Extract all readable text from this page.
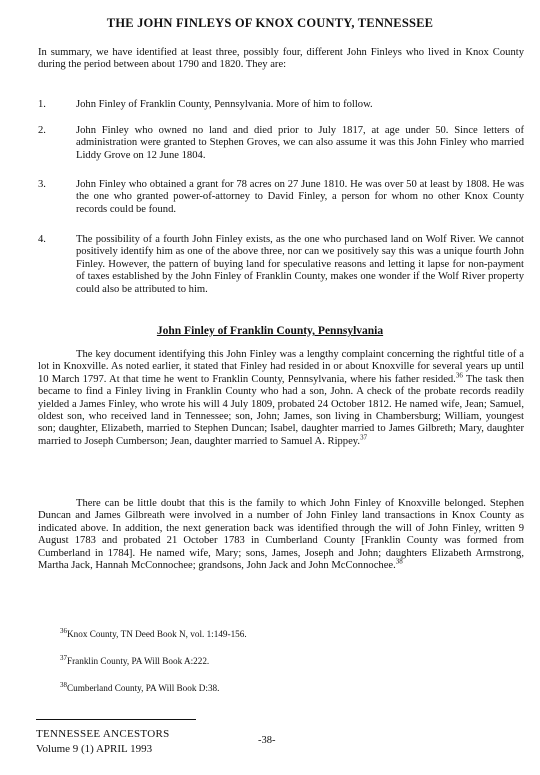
THE JOHN FINLEYS OF KNOX COUNTY, TENNESSEE

In summary, we have identified at least three, possibly four, different John Finleys who lived in Knox County during the period between about 1790 and 1820. They are:

1.	John Finley of Franklin County, Pennsylvania. More of him to follow.
2.	John Finley who owned no land and died prior to July 1817, at age under 50. Since letters of administration were granted to Stephen Groves, we can also assume it was this John Finley who married Liddy Grove on 12 June 1804.
3.	John Finley who obtained a grant for 78 acres on 27 June 1810. He was over 50 at least by 1808. He was the one who granted power-of-attorney to David Finley, a person for whom no other Knox County records could be found.
4.	The possibility of a fourth John Finley exists, as the one who purchased land on Wolf River. We cannot positively identify him as one of the above three, nor can we positively say this was a unique fourth John Finley. However, the pattern of buying land for speculative reasons and letting it lapse for non-payment of taxes established by the John Finley of Franklin County, makes one wonder if the Wolf River property could also be attributed to him.
John Finley of Franklin County, Pennsylvania

The key document identifying this John Finley was a lengthy complaint concerning the rightful title of a lot in Knoxville. As noted earlier, it stated that Finley had resided in or about Knoxville for several years up until 10 March 1797. At that time he went to Franklin County, Pennsylvania, where his father resided.$^{36}$ The task then became to find a Finley living in Franklin County who had a son, John. A check of the probate records readily yielded a James Finley, who wrote his will 4 July 1809, probated 24 October 1812. He named wife, Jean; Samuel, oldest son, who received land in Tennessee; son, John; James, son living in Chambersburg; William, youngest son; daughter, Elizabeth, married to Stephen Duncan; Isabel, daughter married to James Gilbreth; Mary, daughter married to Joseph Cumberson; Jean, daughter married to Samuel A. Rippey.$^{37}$

There can be little doubt that this is the family to which John Finley of Knoxville belonged. Stephen Duncan and James Gilbreath were involved in a number of John Finley land transactions in Knox County as indicated above. In addition, the next generation back was identified through the will of John Finley, written 9 August 1783 and probated 21 October 1783 in Cumberland County [Franklin County was formed from Cumberland in 1784]. He named wife, Mary; sons, James, Joseph and John; daughters Elizabeth Armstrong, Martha Jack, Hannah McConnochee; grandsons, John Jack and John McConnochee.$^{38}$

$^{36}$Knox County, TN Deed Book N, vol. 1:149-156.
$^{37}$Franklin County, PA Will Book A:222.
$^{38}$Cumberland County, PA Will Book D:38.
TENNESSEE ANCESTORS
Volume 9 (1) APRIL 1993
-38-
